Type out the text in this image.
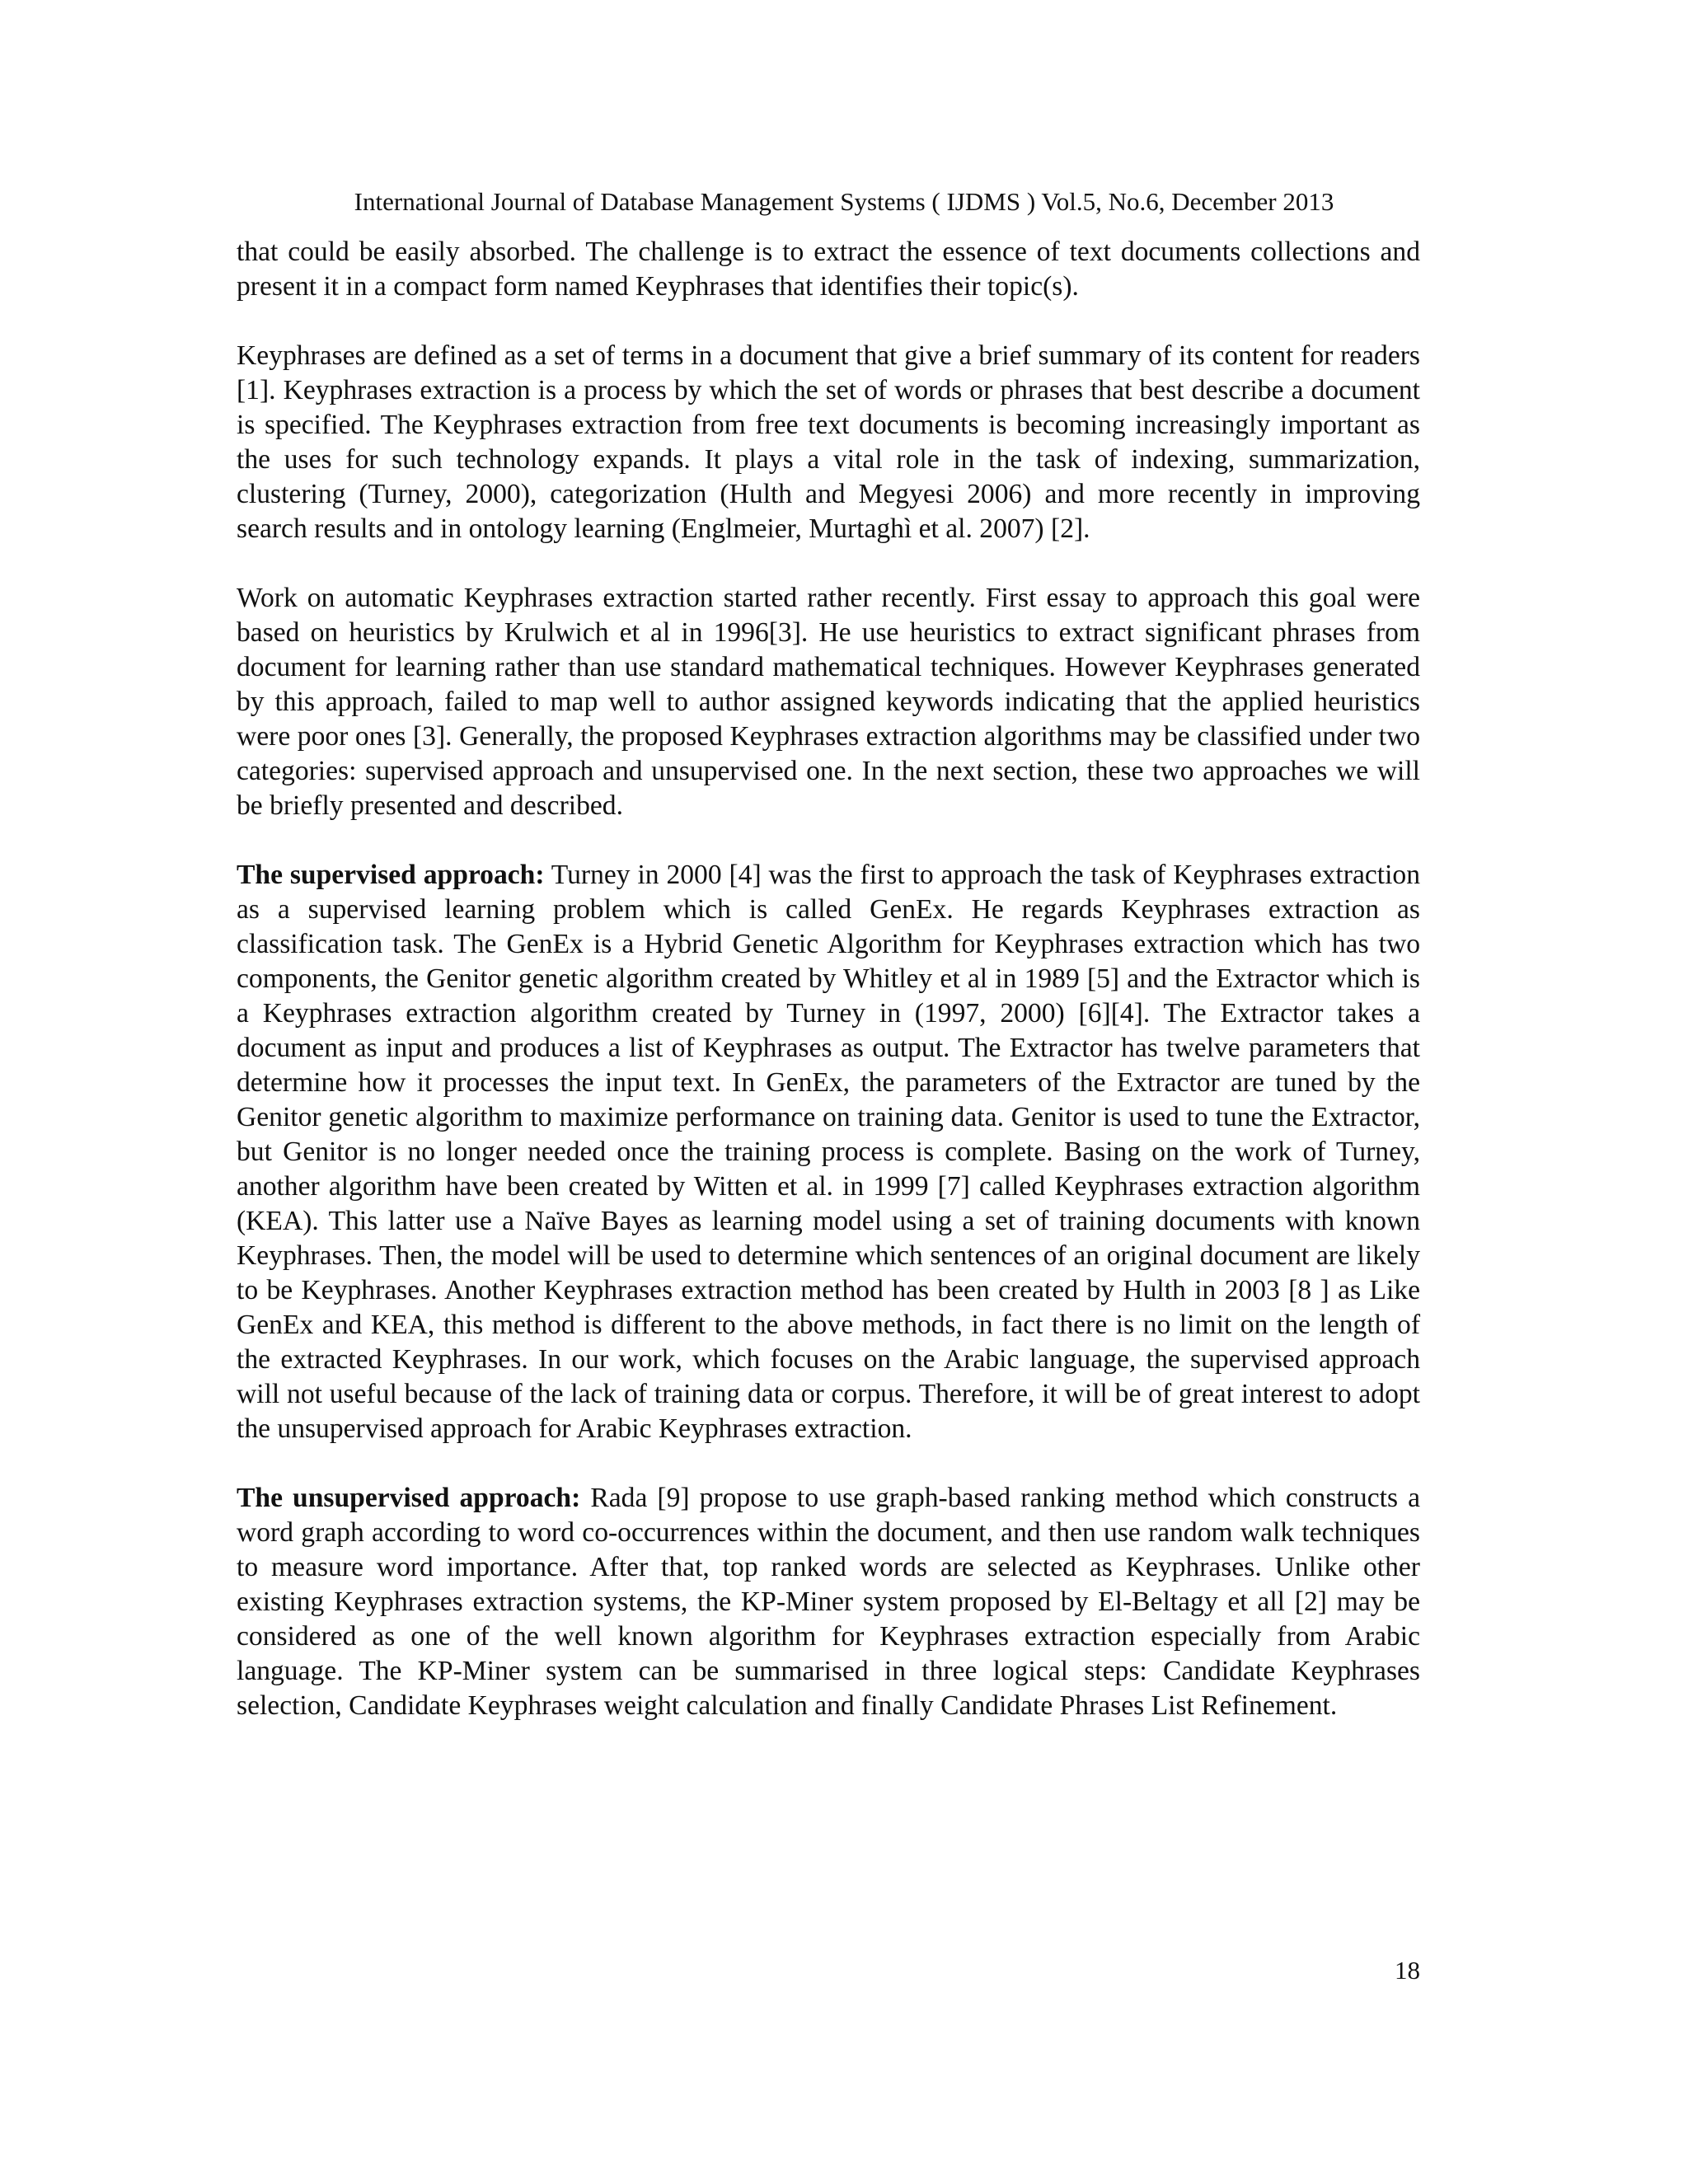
International Journal of Database Management Systems ( IJDMS ) Vol.5, No.6, December 2013

that could be easily absorbed. The challenge is to extract the essence of text documents collections and present it in a compact form named Keyphrases that identifies their topic(s).

Keyphrases are defined as a set of terms in a document that give a brief summary of its content for readers [1]. Keyphrases extraction is a process by which the set of words or phrases that best describe a document is specified. The Keyphrases extraction from free text documents is becoming increasingly important as the uses for such technology expands. It plays a vital role in the task of indexing, summarization, clustering (Turney, 2000), categorization (Hulth and Megyesi 2006) and more recently in improving search results and in ontology learning (Englmeier, Murtaghì et al. 2007) [2].

Work on automatic Keyphrases extraction started rather recently. First essay to approach this goal were based on heuristics by Krulwich et al in 1996[3]. He use heuristics to extract significant phrases from document for learning rather than use standard mathematical techniques. However Keyphrases generated by this approach, failed to map well to author assigned keywords indicating that the applied heuristics were poor ones [3]. Generally, the proposed Keyphrases extraction algorithms may be classified under two categories: supervised approach and unsupervised one. In the next section, these two approaches we will be briefly presented and described.

The supervised approach: Turney in 2000 [4] was the first to approach the task of Keyphrases extraction as a supervised learning problem which is called GenEx. He regards Keyphrases extraction as classification task. The GenEx is a Hybrid Genetic Algorithm for Keyphrases extraction which has two components, the Genitor genetic algorithm created by Whitley et al in 1989 [5] and the Extractor which is a Keyphrases extraction algorithm created by Turney in (1997, 2000) [6][4]. The Extractor takes a document as input and produces a list of Keyphrases as output. The Extractor has twelve parameters that determine how it processes the input text. In GenEx, the parameters of the Extractor are tuned by the Genitor genetic algorithm to maximize performance on training data. Genitor is used to tune the Extractor, but Genitor is no longer needed once the training process is complete. Basing on the work of Turney, another algorithm have been created by Witten et al. in 1999 [7] called Keyphrases extraction algorithm (KEA). This latter use a Naïve Bayes as learning model using a set of training documents with known Keyphrases. Then, the model will be used to determine which sentences of an original document are likely to be Keyphrases. Another Keyphrases extraction method has been created by Hulth in 2003 [8 ] as Like GenEx and KEA, this method is different to the above methods, in fact there is no limit on the length of the extracted Keyphrases. In our work, which focuses on the Arabic language, the supervised approach will not useful because of the lack of training data or corpus. Therefore, it will be of great interest to adopt the unsupervised approach for Arabic Keyphrases extraction.

The unsupervised approach: Rada [9] propose to use graph-based ranking method which constructs a word graph according to word co-occurrences within the document, and then use random walk techniques to measure word importance. After that, top ranked words are selected as Keyphrases. Unlike other existing Keyphrases extraction systems, the KP-Miner system proposed by El-Beltagy et all [2] may be considered as one of the well known algorithm for Keyphrases extraction especially from Arabic language. The KP-Miner system can be summarised in three logical steps: Candidate Keyphrases selection, Candidate Keyphrases weight calculation and finally Candidate Phrases List Refinement.

18
